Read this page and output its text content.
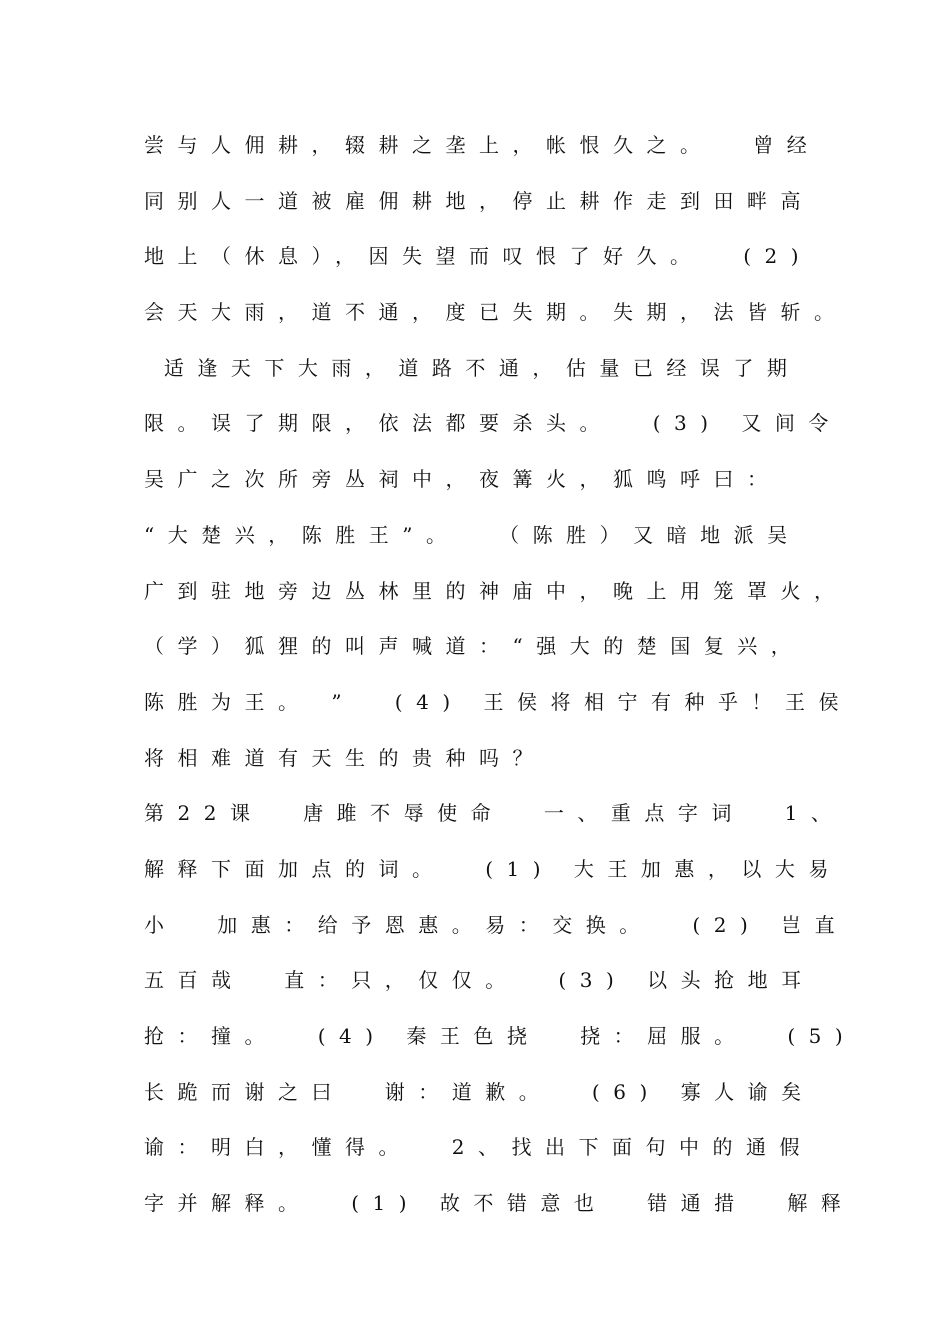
尝与人佣耕，辍耕之垄上，帐恨久之。  曾经
同别人一道被雇佣耕地，停止耕作走到田畔高
地上（休息），因失望而叹恨了好久。  (2)
会天大雨，道不通，度已失期。失期，法皆斩。
适逢天下大雨，道路不通，估量已经误了期
限。误了期限，依法都要杀头。  (3) 又间令
吴广之次所旁丛祠中，夜篝火，狐鸣呼曰：
“大楚兴，陈胜王”。  （陈胜）又暗地派吴
广到驻地旁边丛林里的神庙中，晚上用笼罩火，
（学）狐狸的叫声喊道：“强大的楚国复兴，
陈胜为王。 ”  (4) 王侯将相宁有种乎！王侯
将相难道有天生的贵种吗？
第22课  唐雎不辱使命  一、重点字词  1、
解释下面加点的词。  (1) 大王加惠，以大易
小  加惠：给予恩惠。易：交换。  (2) 岂直
五百哉  直：只，仅仅。  (3) 以头抢地耳
抢：撞。  (4) 秦王色挠  挠：屈服。  (5)
长跪而谢之曰  谢：道歉。  (6) 寡人谕矣
谕：明白，懂得。  2、找出下面句中的通假
字并解释。  (1) 故不错意也  错通措  解释
